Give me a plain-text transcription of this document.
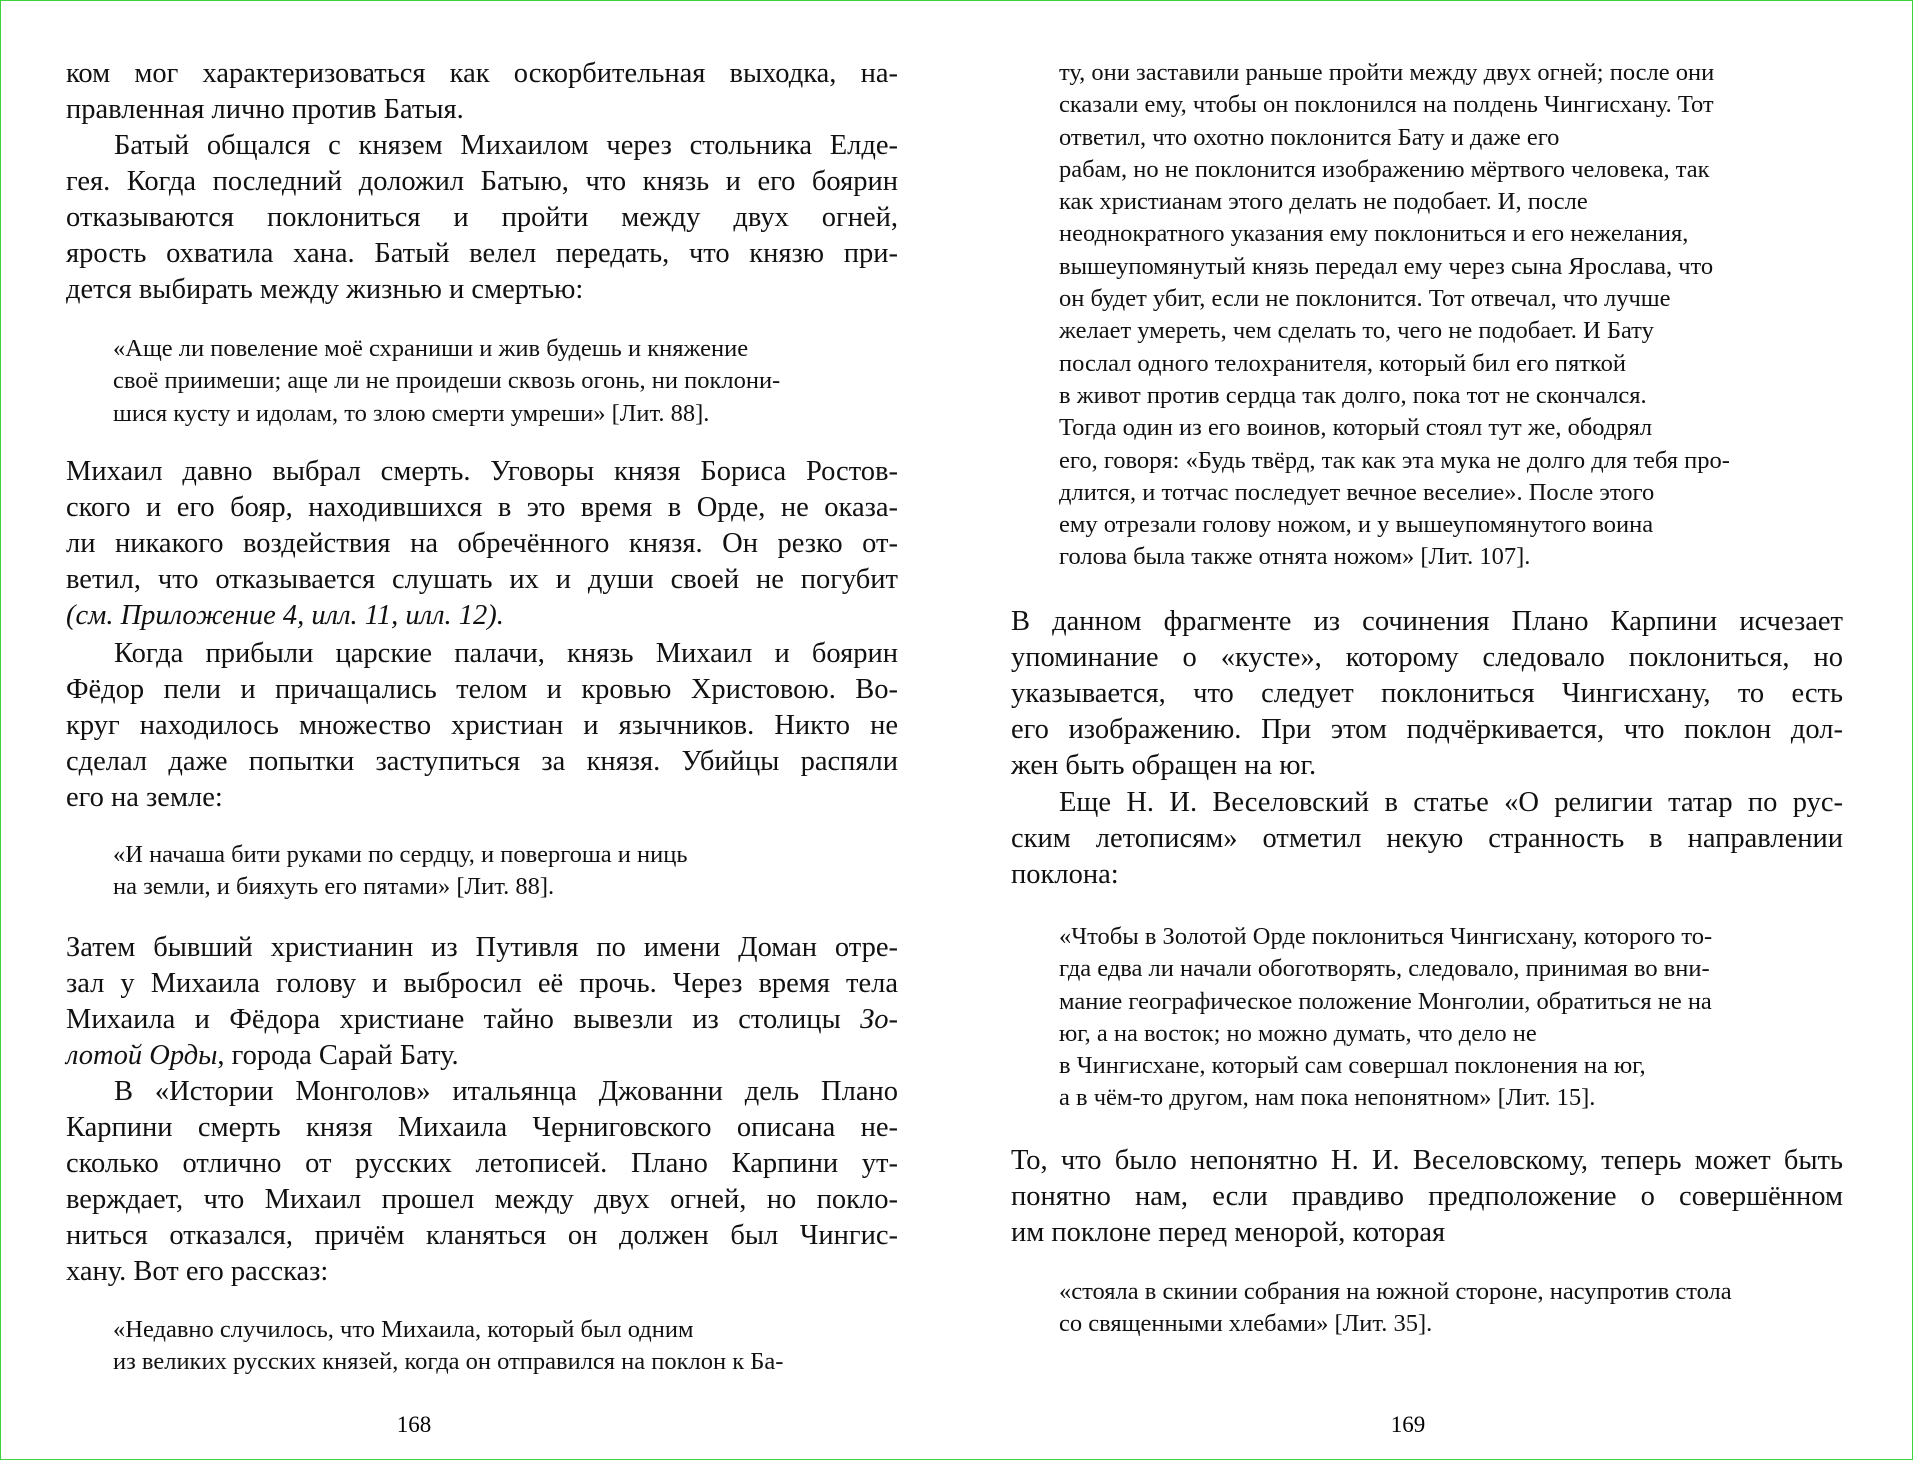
168
ком мог характеризоваться как оскорбительная выходка, на-
правленная лично против Батыя.
Батый общался с князем Михаилом через стольника Елде-
гея. Когда последний доложил Батыю, что князь и его боярин
отказываются поклониться и пройти между двух огней,
ярость охватила хана. Батый велел передать, что князю при-
дется выбирать между жизнью и смертью:
«Аще ли повеление моё схраниши и жив будешь и княжение
своё приимеши; аще ли не проидеши сквозь огонь, ни поклони-
шися кусту и идолам, то злою смерти умреши» [Лит. 88].
Михаил давно выбрал смерть. Уговоры князя Бориса Ростов-
ского и его бояр, находившихся в это время в Орде, не оказа-
ли никакого воздействия на обречённого князя. Он резко от-
ветил, что отказывается слушать их и души своей не погубит
(см. Приложение 4, илл. 11, илл. 12).
Когда прибыли царские палачи, князь Михаил и боярин
Фёдор пели и причащались телом и кровью Христовою. Во-
круг находилось множество христиан и язычников. Никто не
сделал даже попытки заступиться за князя. Убийцы распяли
его на земле:
«И начаша бити руками по сердцу, и повергоша и ниць
на земли, и бияхуть его пятами» [Лит. 88].
Затем бывший христианин из Путивля по имени Доман отре-
зал у Михаила голову и выбросил её прочь. Через время тела
Михаила и Фёдора христиане тайно вывезли из столицы Зо-
лотой Орды, города Сарай Бату.
В «Истории Монголов» итальянца Джованни дель Плано
Карпини смерть князя Михаила Черниговского описана не-
сколько отлично от русских летописей. Плано Карпини ут-
верждает, что Михаил прошел между двух огней, но покло-
ниться отказался, причём кланяться он должен был Чингис-
хану. Вот его рассказ:
«Недавно случилось, что Михаила, который был одним
из великих русских князей, когда он отправился на поклон к Ба-
169
ту, они заставили раньше пройти между двух огней; после они
сказали ему, чтобы он поклонился на полдень Чингисхану. Тот
ответил, что охотно поклонится Бату и даже его
рабам, но не поклонится изображению мёртвого человека, так
как христианам этого делать не подобает. И, после
неоднократного указания ему поклониться и его нежелания,
вышеупомянутый князь передал ему через сына Ярослава, что
он будет убит, если не поклонится. Тот отвечал, что лучше
желает умереть, чем сделать то, чего не подобает. И Бату
послал одного телохранителя, который бил его пяткой
в живот против сердца так долго, пока тот не скончался.
Тогда один из его воинов, который стоял тут же, ободрял
его, говоря: «Будь твёрд, так как эта мука не долго для тебя про-
длится, и тотчас последует вечное веселие». После этого
ему отрезали голову ножом, и у вышеупомянутого воина
голова была также отнята ножом» [Лит. 107].
В данном фрагменте из сочинения Плано Карпини исчезает
упоминание о «кусте», которому следовало поклониться, но
указывается, что следует поклониться Чингисхану, то есть
его изображению. При этом подчёркивается, что поклон дол-
жен быть обращен на юг.
Еще Н. И. Веселовский в статье «О религии татар по рус-
ским летописям» отметил некую странность в направлении
поклона:
«Чтобы в Золотой Орде поклониться Чингисхану, которого то-
гда едва ли начали обоготворять, следовало, принимая во вни-
мание географическое положение Монголии, обратиться не на
юг, а на восток; но можно думать, что дело не
в Чингисхане, который сам совершал поклонения на юг,
а в чём-то другом, нам пока непонятном» [Лит. 15].
То, что было непонятно Н. И. Веселовскому, теперь может быть
понятно нам, если правдиво предположение о совершённом
им поклоне перед менорой, которая
«стояла в скинии собрания на южной стороне, насупротив стола
со священными хлебами» [Лит. 35].
